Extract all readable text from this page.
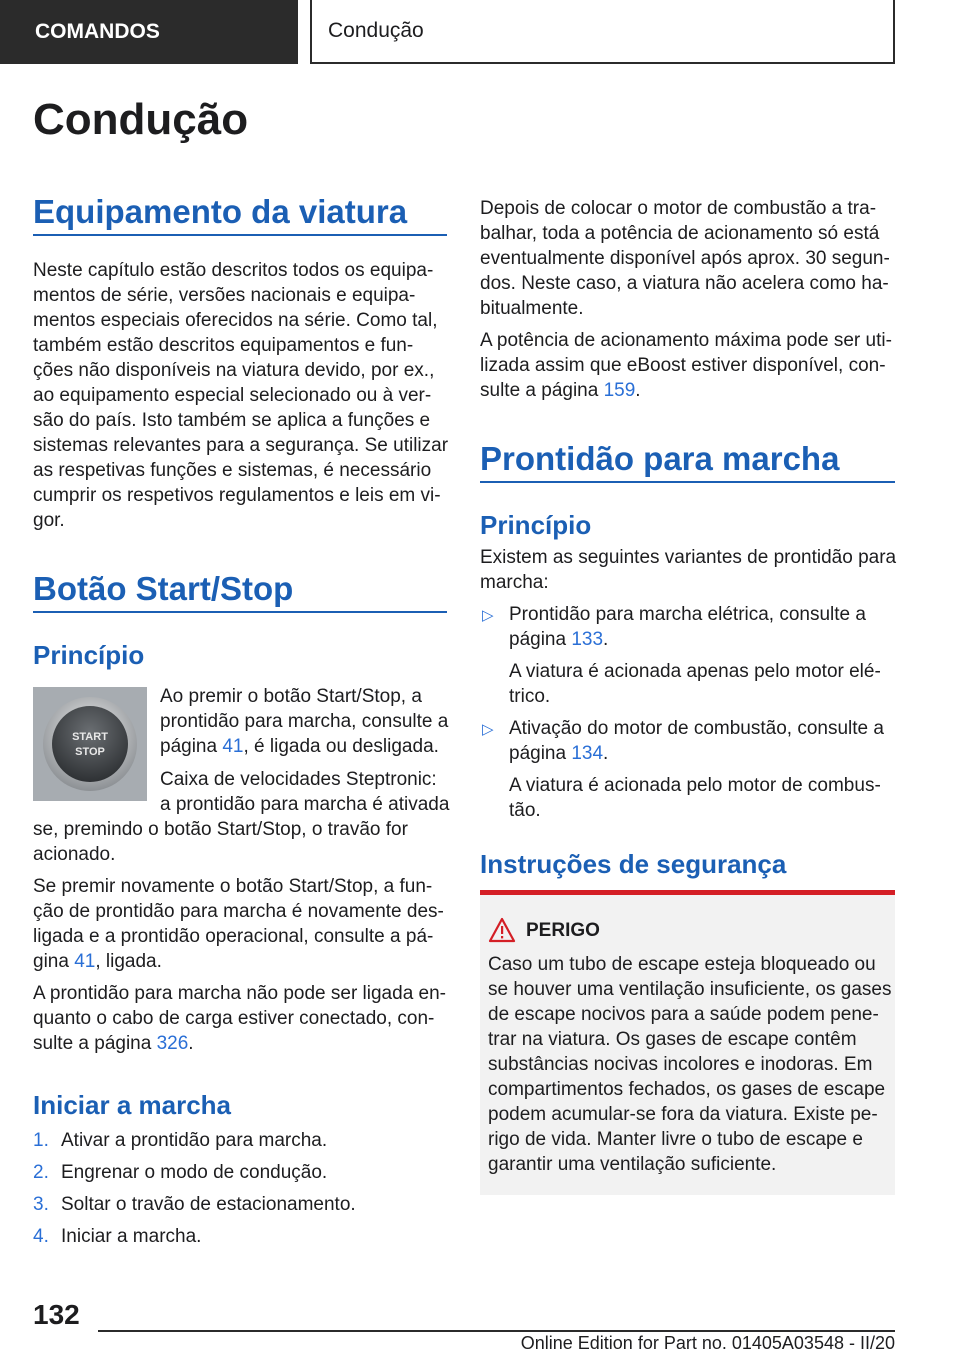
COMANDOS	Condução
Condução
Equipamento da viatura
Neste capítulo estão descritos todos os equipa-
mentos de série, versões nacionais e equipa-
mentos especiais oferecidos na série. Como tal,
também estão descritos equipamentos e fun-
ções não disponíveis na viatura devido, por ex.,
ao equipamento especial selecionado ou à ver-
são do país. Isto também se aplica a funções e
sistemas relevantes para a segurança. Se utilizar
as respetivas funções e sistemas, é necessário
cumprir os respetivos regulamentos e leis em vi-
gor.
Botão Start/Stop
Princípio
START
STOP
Ao premir o botão Start/Stop, a
prontidão para marcha, consulte a
página 41, é ligada ou desligada.
Caixa de velocidades Steptronic:
a prontidão para marcha é ativada
se, premindo o botão Start/Stop, o travão for
acionado.
Se premir novamente o botão Start/Stop, a fun-
ção de prontidão para marcha é novamente des-
ligada e a prontidão operacional, consulte a pá-
gina 41, ligada.
A prontidão para marcha não pode ser ligada en-
quanto o cabo de carga estiver conectado, con-
sulte a página 326.
Iniciar a marcha
1. Ativar a prontidão para marcha.
2. Engrenar o modo de condução.
3. Soltar o travão de estacionamento.
4. Iniciar a marcha.
Depois de colocar o motor de combustão a tra-
balhar, toda a potência de acionamento só está
eventualmente disponível após aprox. 30 segun-
dos. Neste caso, a viatura não acelera como ha-
bitualmente.
A potência de acionamento máxima pode ser uti-
lizada assim que eBoost estiver disponível, con-
sulte a página 159.
Prontidão para marcha
Princípio
Existem as seguintes variantes de prontidão para
marcha:
▷ Prontidão para marcha elétrica, consulte a
página 133.
A viatura é acionada apenas pelo motor elé-
trico.
▷ Ativação do motor de combustão, consulte a
página 134.
A viatura é acionada pelo motor de combus-
tão.
Instruções de segurança
PERIGO
Caso um tubo de escape esteja bloqueado ou
se houver uma ventilação insuficiente, os gases
de escape nocivos para a saúde podem pene-
trar na viatura. Os gases de escape contêm
substâncias nocivas incolores e inodoras. Em
compartimentos fechados, os gases de escape
podem acumular-se fora da viatura. Existe pe-
rigo de vida. Manter livre o tubo de escape e
garantir uma ventilação suficiente.
132
Online Edition for Part no. 01405A03548 - II/20
